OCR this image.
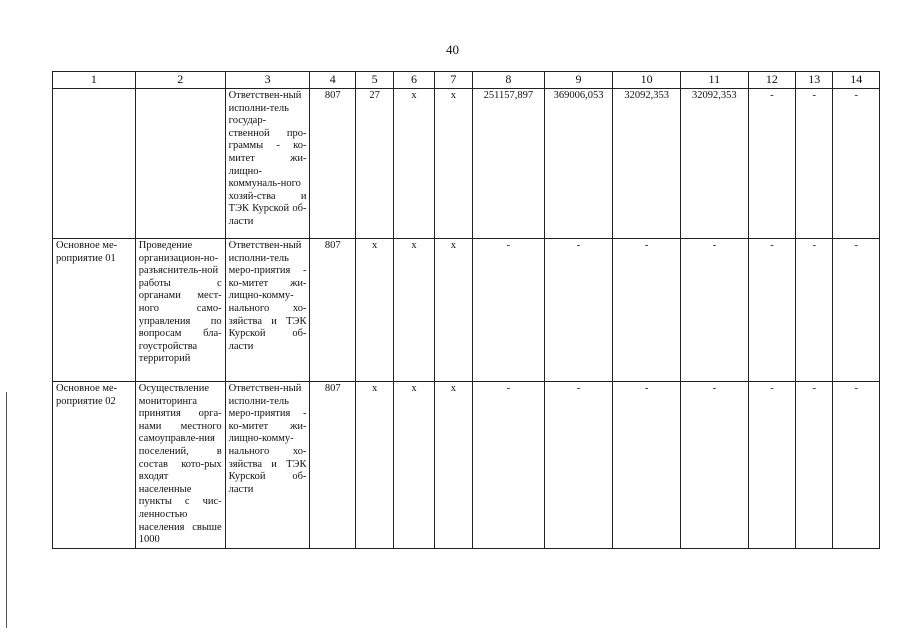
40
1	2	3	4	5	6	7	8	9	10	11	12	13	14
		Ответствен-ный исполни-тель государ-ственной про-граммы - ко-митет жи-лищно-коммуналь-ного хозяй-ства и ТЭК Курской об-ласти	807	27	х	х	251157,897	369006,053	32092,353	32092,353	-	-	-
Основное ме-роприятие 01	Проведение организацион-но-разъяснитель-ной работы с органами мест-ного само-управления по вопросам бла-гоустройства территорий	Ответствен-ный исполни-тель меро-приятия - ко-митет жи-лищно-комму-нального хо-зяйства и ТЭК Курской об-ласти	807	х	х	х	-	-	-	-	-	-	-
Основное ме-роприятие 02	Осуществление мониторинга принятия орга-нами местного самоуправле-ния поселений, в состав кото-рых входят населенные пункты с чис-ленностью населения свыше 1000	Ответствен-ный исполни-тель меро-приятия - ко-митет жи-лищно-комму-нального хо-зяйства и ТЭК Курской об-ласти	807	х	х	х	-	-	-	-	-	-	-
